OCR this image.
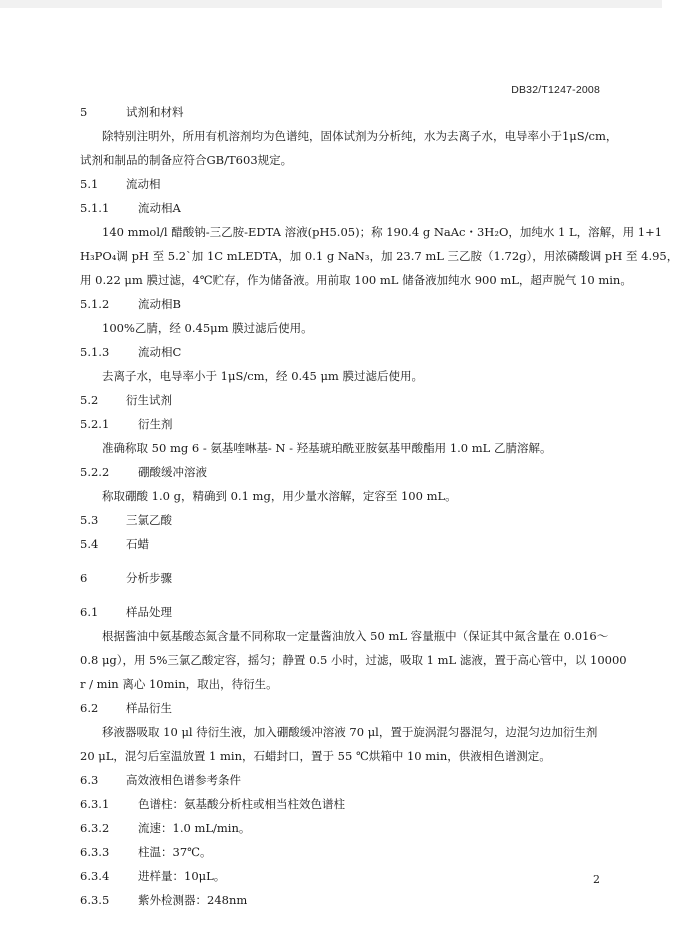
DB32/T1247-2008
5	试剂和材料
除特别注明外，所用有机溶剂均为色谱纯，固体试剂为分析纯，水为去离子水，电导率小于1μS/cm，
试剂和制品的制备应符合GB/T603规定。
5.1 流动相
5.1.1 流动相A
140 mmol/l 醋酸钠-三乙胺-EDTA 溶液(pH5.05)；称 190.4 g NaAc・3H₂O，加纯水 1 L，溶解，用 1+1
H₃PO₄调 pH 至 5.2`加 1C mLEDTA，加 0.1 g NaN₃，加 23.7 mL 三乙胺（1.72g），用浓磷酸调 pH 至 4.95，
用 0.22 μm 膜过滤，4℃贮存，作为储备液。用前取 100 mL 储备液加纯水 900 mL，超声脱气 10 min。
5.1.2 流动相B
100%乙腈，经 0.45μm 膜过滤后使用。
5.1.3 流动相C
去离子水，电导率小于 1μS/cm，经 0.45 μm 膜过滤后使用。
5.2 衍生试剂
5.2.1 衍生剂
准确称取 50 mg 6 - 氨基喹啉基- N - 羟基琥珀酰亚胺氨基甲酸酯用 1.0 mL 乙腈溶解。
5.2.2 硼酸缓冲溶液
称取硼酸 1.0 g，精确到 0.1 mg，用少量水溶解，定容至 100 mL。
5.3 三氯乙酸
5.4 石蜡
6	分析步骤
6.1 样品处理
根据酱油中氨基酸态氮含量不同称取一定量酱油放入 50 mL 容量瓶中（保证其中氮含量在 0.016～
0.8 μg），用 5%三氯乙酸定容，摇匀；静置 0.5 小时，过滤，吸取 1 mL 滤液，置于高心管中，以 10000
r / min 离心 10min，取出，待衍生。
6.2 样品衍生
移液器吸取 10 μl 待衍生液，加入硼酸缓冲溶液 70 μl，置于旋涡混匀器混匀，边混匀边加衍生剂
20 μL，混匀后室温放置 1 min，石蜡封口，置于 55 ℃烘箱中 10 min，供液相色谱测定。
6.3 高效液相色谱参考条件
6.3.1 色谱柱：氨基酸分析柱或相当柱效色谱柱
6.3.2 流速：1.0 mL/min。
6.3.3 柱温：37℃。
6.3.4 进样量：10μL。
6.3.5 紫外检测器：248nm
2
